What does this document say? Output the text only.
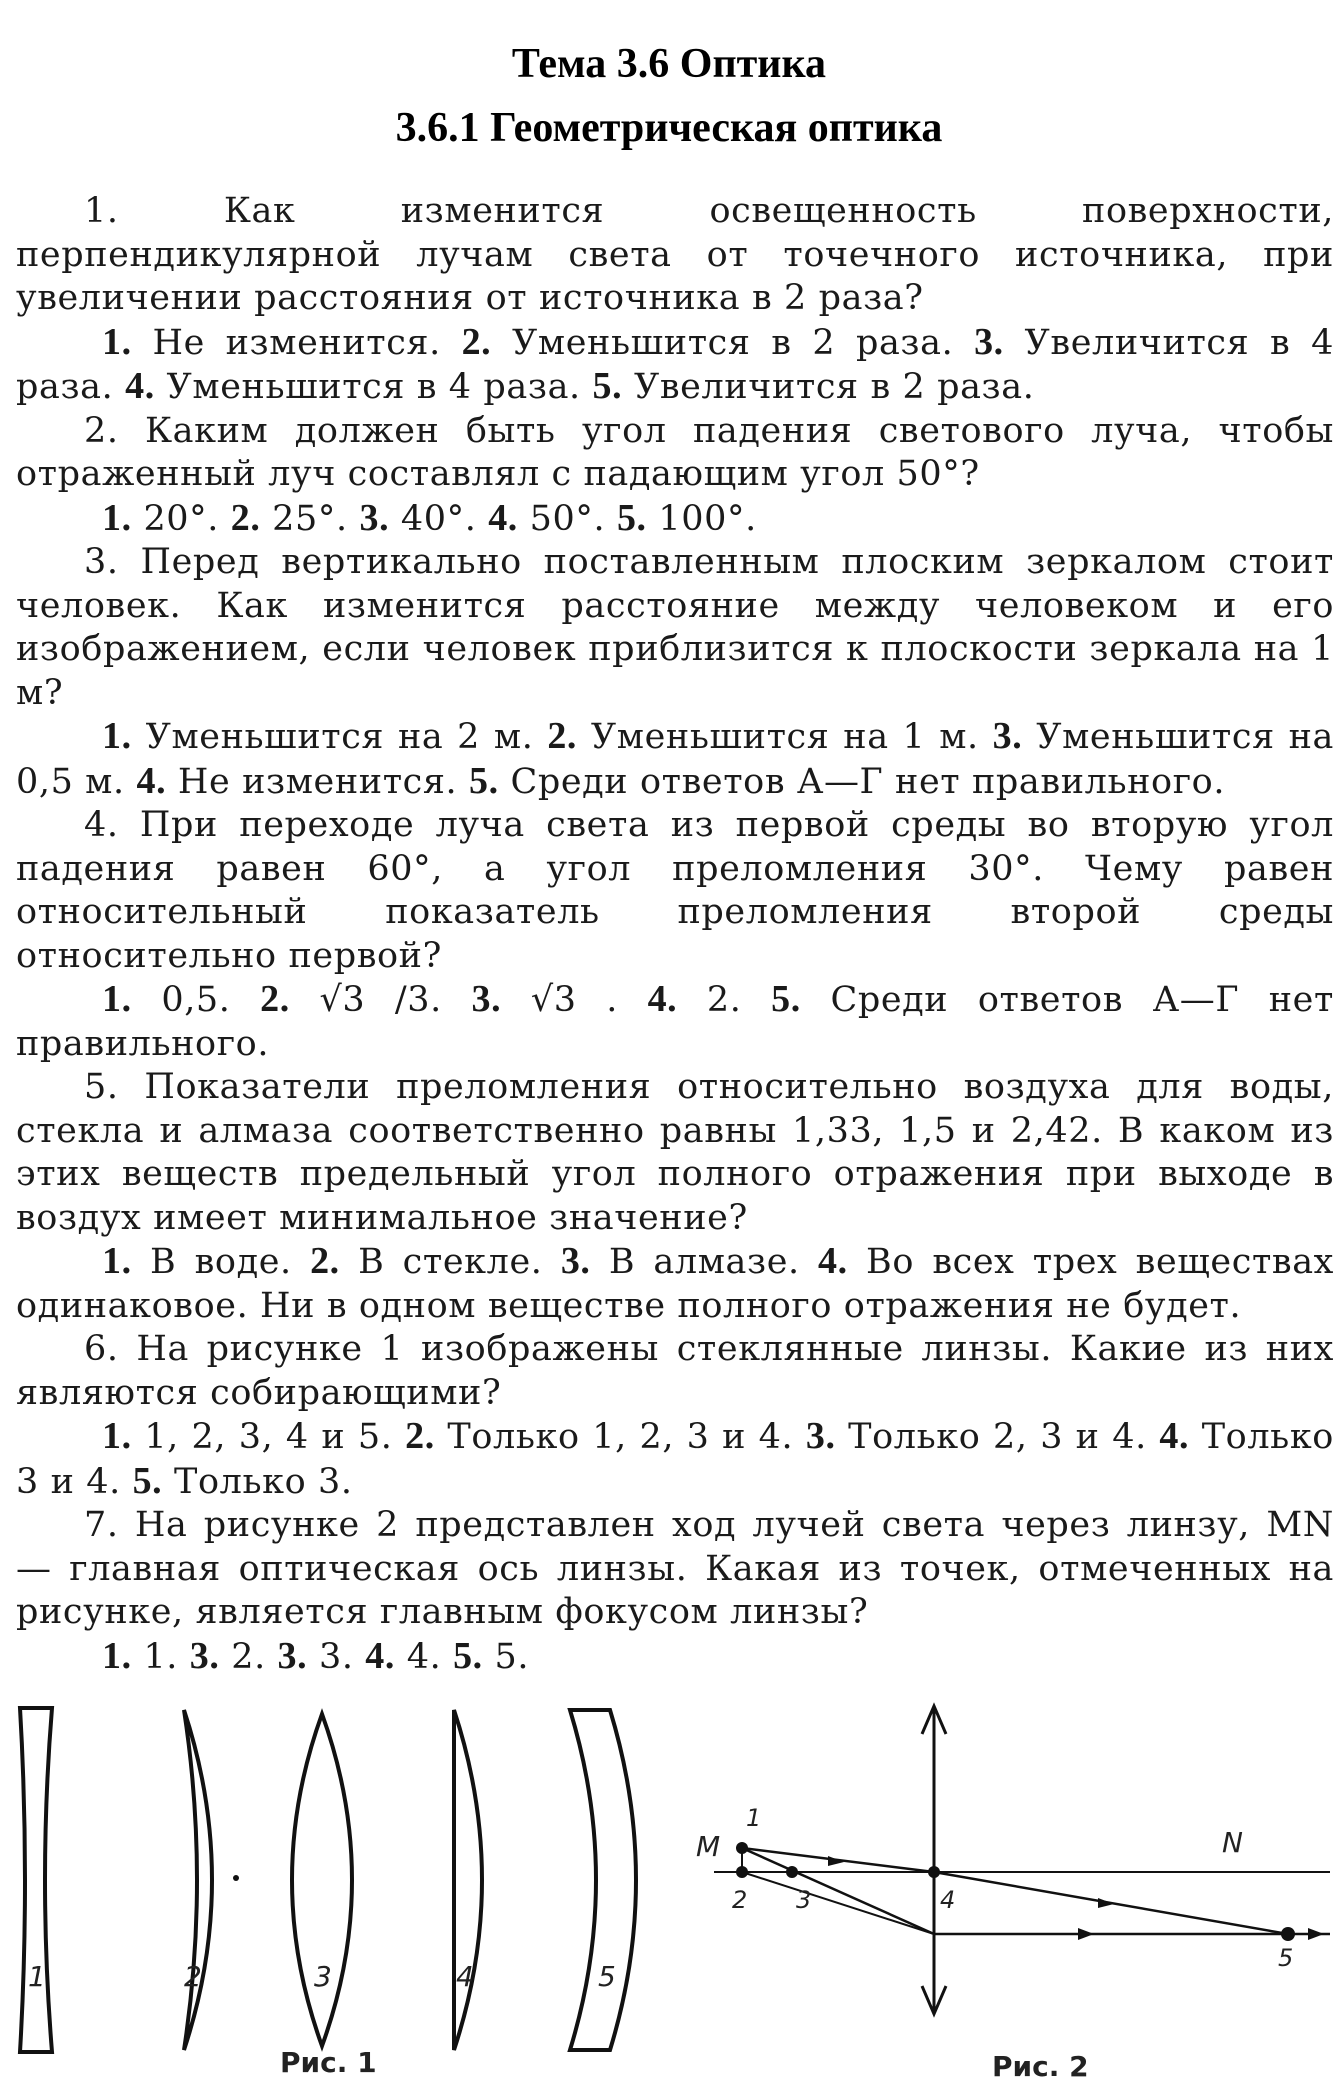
Тема 3.6 Оптика
3.6.1 Геометрическая оптика

1.	Как изменится освещенность поверхности, перпендикулярной лучам света от точечного источника, при увеличении расстояния от источника в 2 раза?

1. Не изменится. 2. Уменьшится в 2 раза. 3. Увеличится в 4 раза. 4. Уменьшится в 4 раза. 5. Увеличится в 2 раза.

2. Каким должен быть угол падения светового луча, чтобы отраженный луч составлял с падающим угол 50°?

1. 20°. 2. 25°. 3. 40°. 4. 50°. 5. 100°.

3. Перед вертикально поставленным плоским зеркалом стоит человек. Как изменится расстояние между человеком и его изображением, если человек приблизится к плоскости зеркала на 1 м?

1. Уменьшится на 2 м. 2. Уменьшится на 1 м. 3. Уменьшится на 0,5 м. 4. Не изменится. 5. Среди ответов А—Г нет правильного.

4. При переходе луча света из первой среды во вторую угол падения равен 60°, а угол преломления 30°. Чему равен относительный показатель преломления второй среды относительно первой?

1. 0,5. 2. √3 /3. 3. √3 . 4. 2. 5. Среди ответов А—Г нет правильного.

5. Показатели преломления относительно воздуха для воды, стекла и алмаза соответственно равны 1,33, 1,5 и 2,42. В каком из этих веществ предельный угол полного отражения при выходе в воздух имеет минимальное значение?

1. В воде. 2. В стекле. 3. В алмазе. 4. Во всех трех веществах одинаковое. Ни в одном веществе полного отражения не будет.

6. На рисунке 1 изображены стеклянные линзы. Какие из них являются собирающими?

1. 1, 2, 3, 4 и 5. 2. Только 1, 2, 3 и 4. 3. Только 2, 3 и 4. 4. Только 3 и 4. 5. Только 3.

7. На рисунке 2 представлен ход лучей света через линзу, MN — главная оптическая ось линзы. Какая из точек, отмеченных на рисунке, является главным фокусом линзы?

1. 1. 3. 2. 3. 3. 4. 4. 5. 5.

1	2	3	4	5
Рис. 1
M	N
1
2 3	4
5
Рис. 2
